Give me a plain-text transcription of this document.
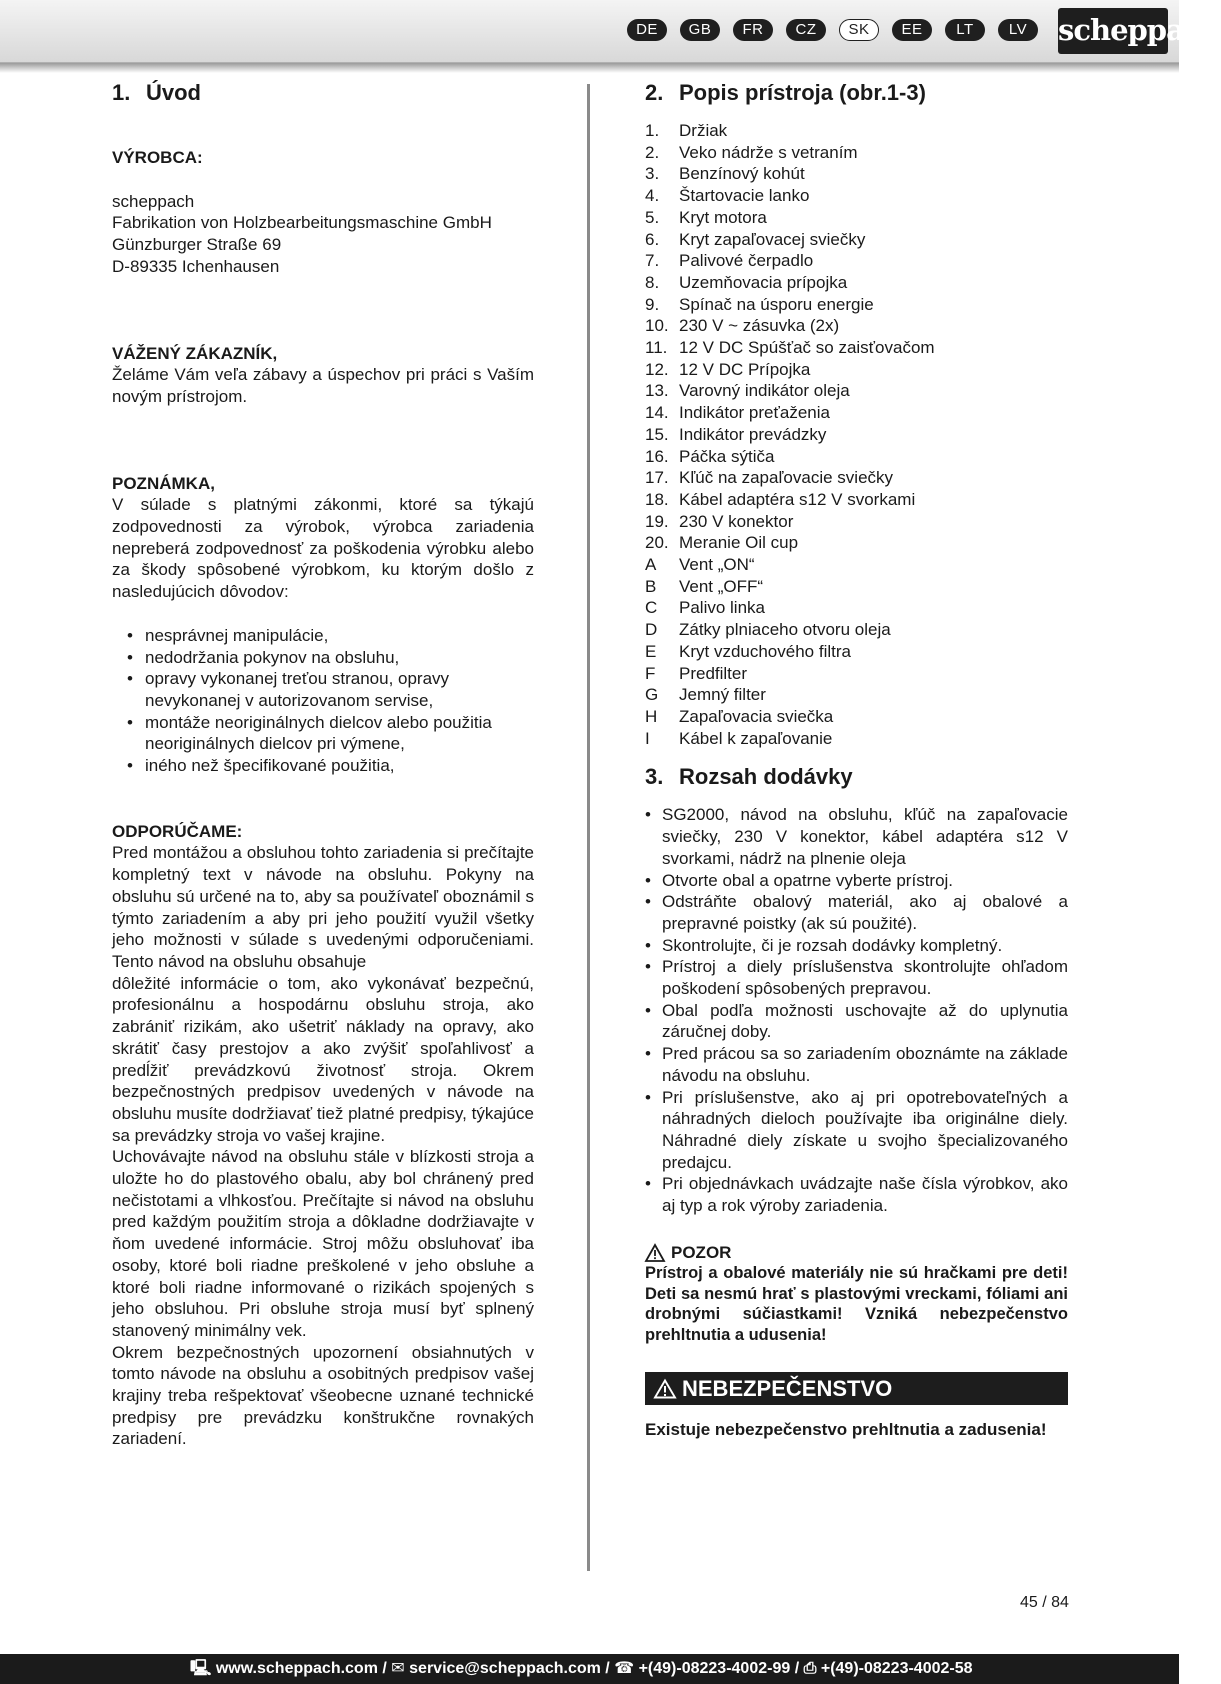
DE	GB	FR	CZ	SK	EE	LT	LV	scheppach
1. Úvod
VÝROBCA:
scheppach
Fabrikation von Holzbearbeitungsmaschine GmbH
Günzburger Straße 69
D-89335 Ichenhausen
VÁŽENÝ ZÁKAZNÍK,
Želáme Vám veľa zábavy a úspechov pri práci s Vaším novým prístrojom.
POZNÁMKA,
V súlade s platnými zákonmi, ktoré sa týkajú zodpovednosti za výrobok, výrobca zariadenia nepreberá zodpovednosť za poškodenia výrobku alebo za škody spôsobené výrobkom, ku ktorým došlo z nasledujúcich dôvodov:
• nesprávnej manipulácie,
• nedodržania pokynov na obsluhu,
• opravy vykonanej treťou stranou, opravy nevykonanej v autorizovanom servise,
• montáže neoriginálnych dielcov alebo použitia neoriginálnych dielcov pri výmene,
• iného než špecifikované použitia,
ODPORÚČAME:
Pred montážou a obsluhou tohto zariadenia si prečítajte kompletný text v návode na obsluhu. Pokyny na obsluhu sú určené na to, aby sa používateľ oboznámil s týmto zariadením a aby pri jeho použití využil všetky jeho možnosti v súlade s uvedenými odporučeniami. Tento návod na obsluhu obsahuje
dôležité informácie o tom, ako vykonávať bezpečnú, profesionálnu a hospodárnu obsluhu stroja, ako zabrániť rizikám, ako ušetriť náklady na opravy, ako skrátiť časy prestojov a ako zvýšiť spoľahlivosť a predĺžiť prevádzkovú životnosť stroja. Okrem bezpečnostných predpisov uvedených v návode na obsluhu musíte dodržiavať tiež platné predpisy, týkajúce sa prevádzky stroja vo vašej krajine.
Uchovávajte návod na obsluhu stále v blízkosti stroja a uložte ho do plastového obalu, aby bol chránený pred nečistotami a vlhkosťou. Prečítajte si návod na obsluhu pred každým použitím stroja a dôkladne dodržiavajte v ňom uvedené informácie. Stroj môžu obsluhovať iba osoby, ktoré boli riadne preškolené v jeho obsluhe a ktoré boli riadne informované o rizikách spojených s jeho obsluhou. Pri obsluhe stroja musí byť splnený stanovený minimálny vek.
Okrem bezpečnostných upozornení obsiahnutých v tomto návode na obsluhu a osobitných predpisov vašej krajiny treba rešpektovať všeobecne uznané technické predpisy pre prevádzku konštrukčne rovnakých zariadení.
2. Popis prístroja (obr.1-3)
1.	Držiak
2.	Veko nádrže s vetraním
3.	Benzínový kohút
4.	Štartovacie lanko
5.	Kryt motora
6.	Kryt zapaľovacej sviečky
7.	Palivové čerpadlo
8.	Uzemňovacia prípojka
9.	Spínač na úsporu energie
10. 230 V ~ zásuvka (2x)
11. 12 V DC Spúšťač so zaisťovačom
12. 12 V DC Prípojka
13. Varovný indikátor oleja
14. Indikátor preťaženia
15. Indikátor prevádzky
16. Páčka sýtiča
17. Kľúč na zapaľovacie sviečky
18. Kábel adaptéra s12 V svorkami
19. 230 V konektor
20. Meranie Oil cup
A	Vent „ON“
B	Vent „OFF“
C	Palivo linka
D	Zátky plniaceho otvoru oleja
E	Kryt vzduchového filtra
F	Predfilter
G	Jemný filter
H	Zapaľovacia sviečka
I	Kábel k zapaľovanie
3. Rozsah dodávky
• SG2000, návod na obsluhu, kľúč na zapaľovacie sviečky, 230 V konektor, kábel adaptéra s12 V svorkami, nádrž na plnenie oleja
• Otvorte obal a opatrne vyberte prístroj.
• Odstráňte obalový materiál, ako aj obalové a prepravné poistky (ak sú použité).
• Skontrolujte, či je rozsah dodávky kompletný.
• Prístroj a diely príslušenstva skontrolujte ohľadom poškodení spôsobených prepravou.
• Obal podľa možnosti uschovajte až do uplynutia záručnej doby.
• Pred prácou sa so zariadením oboznámte na základe návodu na obsluhu.
• Pri príslušenstve, ako aj pri opotrebovateľných a náhradných dieloch používajte iba originálne diely. Náhradné diely získate u svojho špecializovaného predajcu.
• Pri objednávkach uvádzajte naše čísla výrobkov, ako aj typ a rok výroby zariadenia.
POZOR
Prístroj a obalové materiály nie sú hračkami pre deti! Deti sa nesmú hrať s plastovými vreckami, fóliami ani drobnými súčiastkami! Vzniká nebezpečenstvo prehltnutia a udusenia!
NEBEZPEČENSTVO
Existuje nebezpečenstvo prehltnutia a zadusenia!
45 / 84
🖳 www.scheppach.com / ✉ service@scheppach.com / ☎ +(49)-08223-4002-99 / ⎙ +(49)-08223-4002-58
